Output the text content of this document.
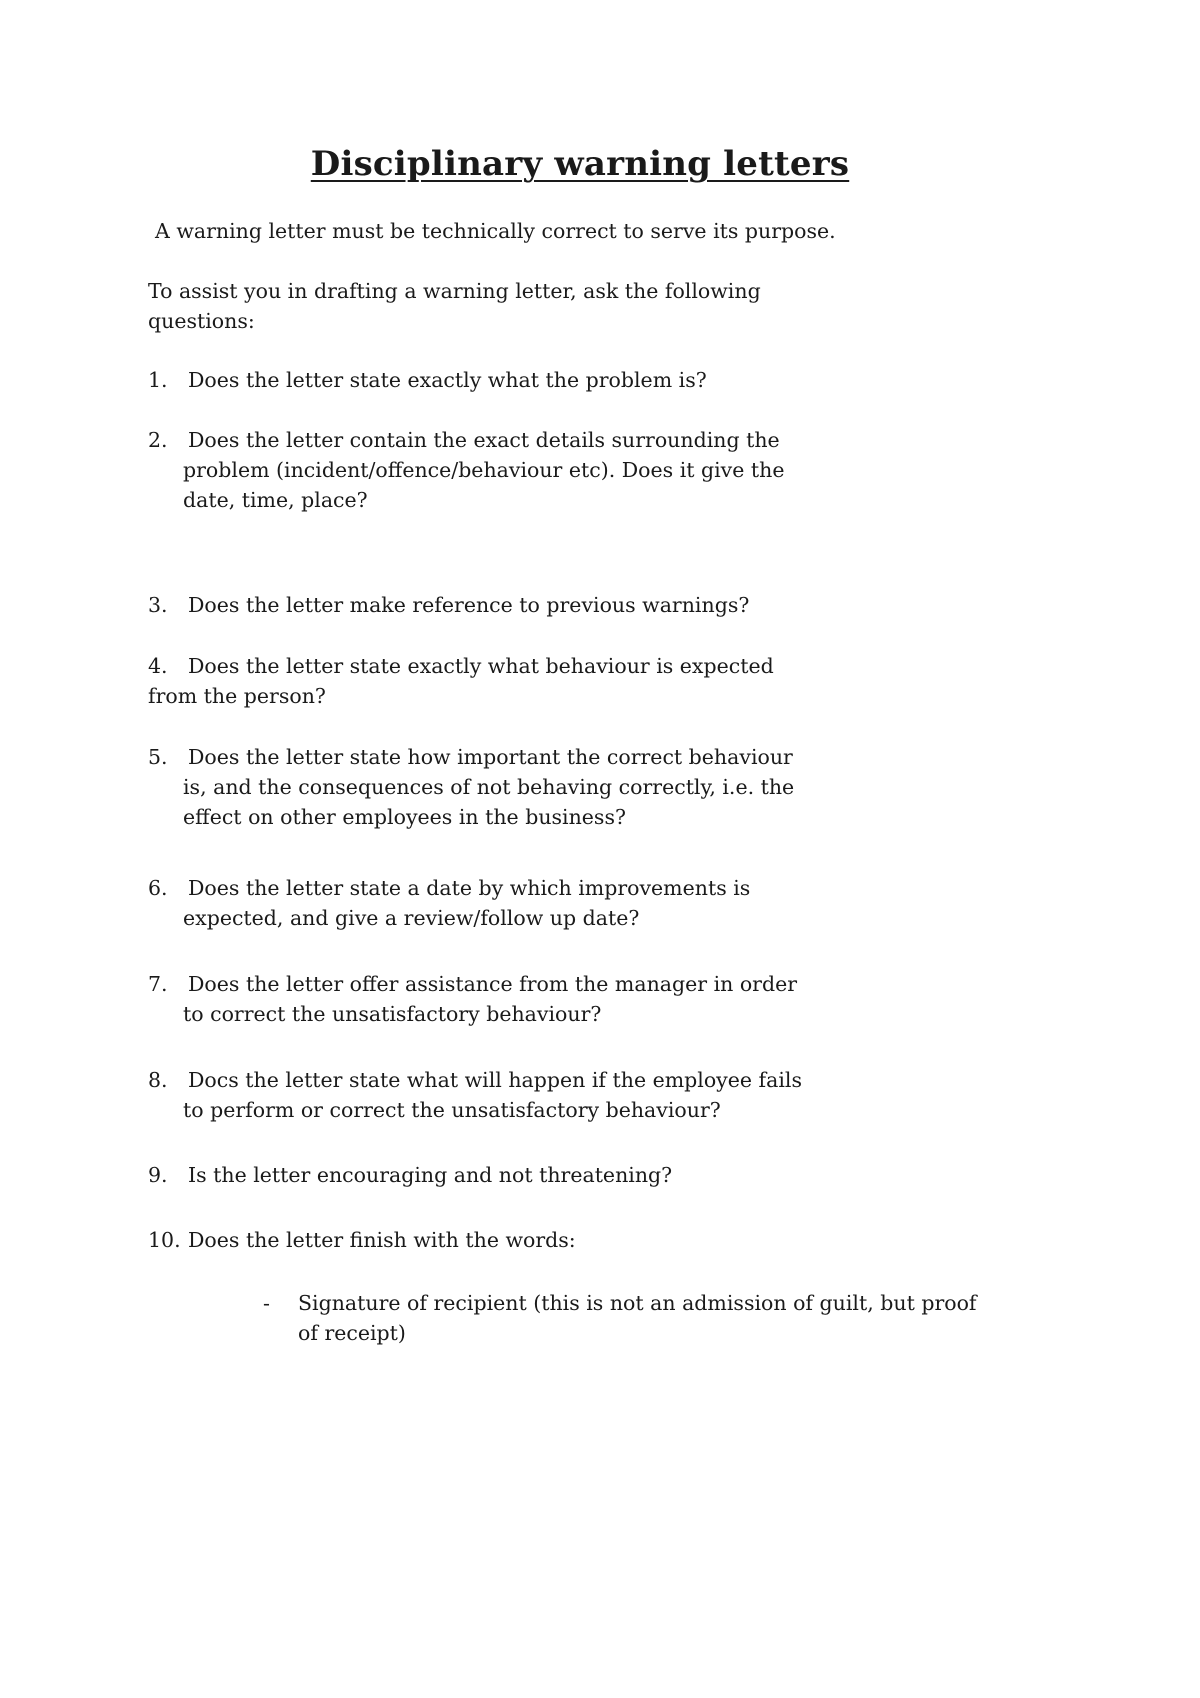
Disciplinary warning letters

A warning letter must be technically correct to serve its purpose.

To assist you in drafting a warning letter, ask the following

questions:

1. Does the letter state exactly what the problem is?

2. Does the letter contain the exact details surrounding the

problem (incident/offence/behaviour etc). Does it give the

date, time, place?

3. Does the letter make reference to previous warnings?

4. Does the letter state exactly what behaviour is expected

from the person?

5. Does the letter state how important the correct behaviour

is, and the consequences of not behaving correctly, i.e. the

effect on other employees in the business?

6. Does the letter state a date by which improvements is

expected, and give a review/follow up date?

7. Does the letter offer assistance from the manager in order

to correct the unsatisfactory behaviour?

8. Docs the letter state what will happen if the employee fails

to perform or correct the unsatisfactory behaviour?

9. Is the letter encouraging and not threatening?

10. Does the letter finish with the words:

- Signature of recipient (this is not an admission of guilt, but proof

of receipt)
